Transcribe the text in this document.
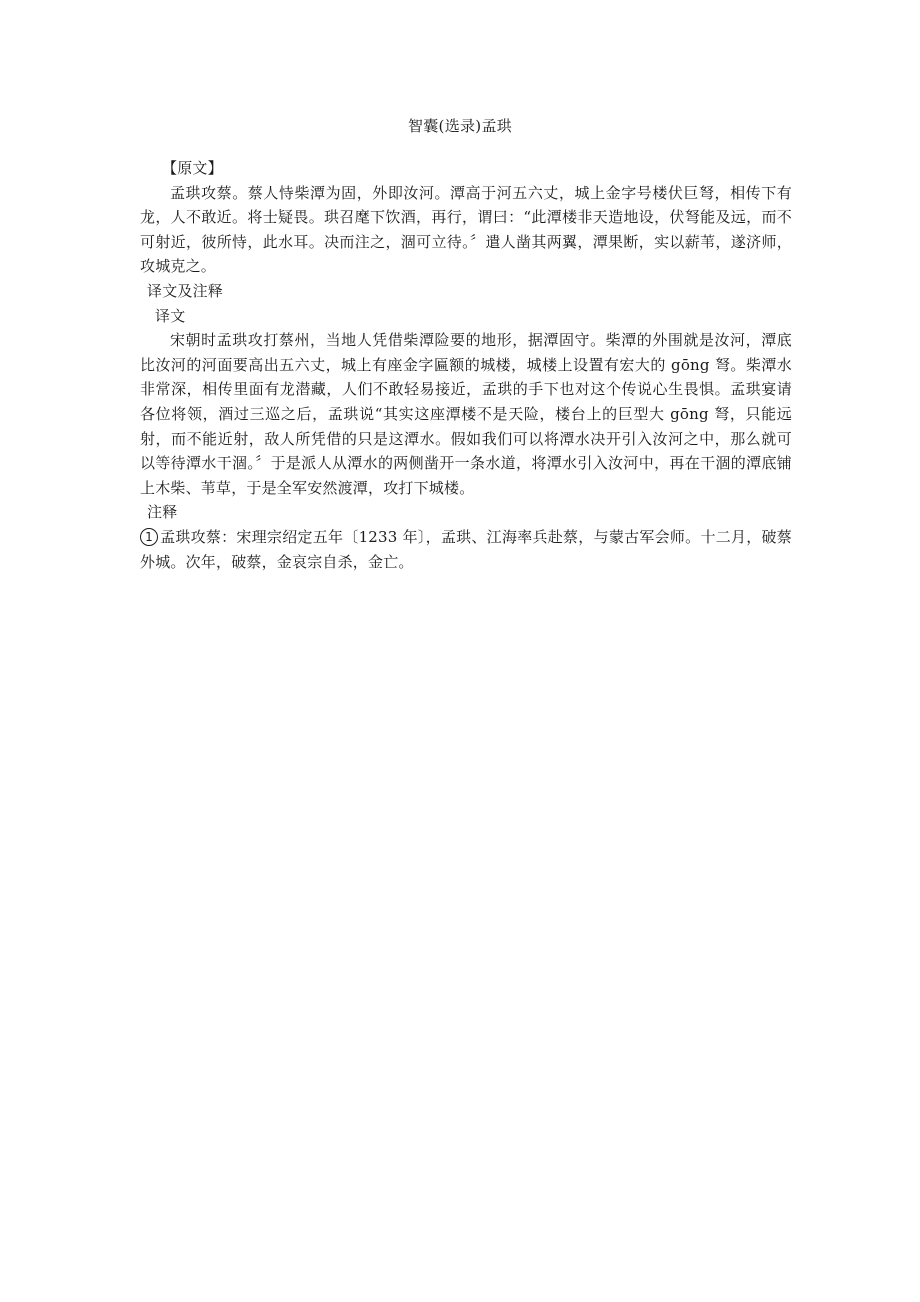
智囊(选录)孟珙

【原文】

孟珙攻蔡。蔡人恃柴潭为固，外即汝河。潭高于河五六丈，城上金字号楼伏巨弩，相传下有龙，人不敢近。将士疑畏。珙召麾下饮酒，再行，谓曰：“此潭楼非天造地设，伏弩能及远，而不可射近，彼所恃，此水耳。决而注之，涸可立待。〞遣人凿其两翼，潭果断，实以薪苇，遂济师，攻城克之。

译文及注释

译文

宋朝时孟珙攻打蔡州，当地人凭借柴潭险要的地形，据潭固守。柴潭的外围就是汝河，潭底比汝河的河面要高出五六丈，城上有座金字匾额的城楼，城楼上设置有宏大的 gōng 弩。柴潭水非常深，相传里面有龙潜藏，人们不敢轻易接近，孟珙的手下也对这个传说心生畏惧。孟珙宴请各位将领，酒过三巡之后，孟珙说“其实这座潭楼不是天险，楼台上的巨型大 gōng 弩，只能远射，而不能近射，敌人所凭借的只是这潭水。假如我们可以将潭水决开引入汝河之中，那么就可以等待潭水干涸。〞于是派人从潭水的两侧凿开一条水道，将潭水引入汝河中，再在干涸的潭底铺上木柴、苇草，于是全军安然渡潭，攻打下城楼。

注释

1 孟珙攻蔡：宋理宗绍定五年〔1233 年〕，孟珙、江海率兵赴蔡，与蒙古军会师。十二月，破蔡外城。次年，破蔡，金哀宗自杀，金亡。
